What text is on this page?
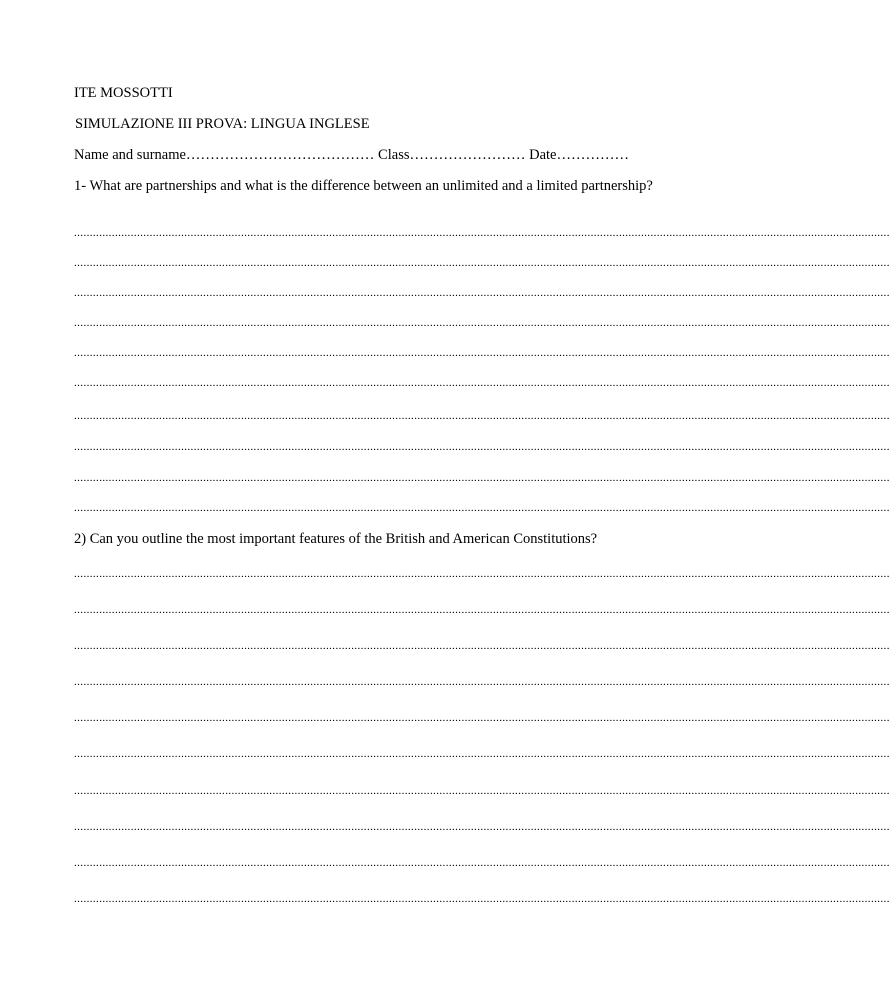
ITE MOSSOTTI
SIMULAZIONE III PROVA: LINGUA INGLESE
Name and surname………………………………… Class…………………… Date……………
1- What are partnerships and what is the difference between an unlimited and a limited partnership?
...................................................................................................................................................................................................................................................................
...................................................................................................................................................................................................................................................................
...................................................................................................................................................................................................................................................................
...................................................................................................................................................................................................................................................................
...................................................................................................................................................................................................................................................................
...................................................................................................................................................................................................................................................................
...................................................................................................................................................................................................................................................................
...................................................................................................................................................................................................................................................................
...................................................................................................................................................................................................................................................................
...................................................................................................................................................................................................................................................................
2) Can you outline the most important features of the British and American Constitutions?
...................................................................................................................................................................................................................................................................
...................................................................................................................................................................................................................................................................
...................................................................................................................................................................................................................................................................
...................................................................................................................................................................................................................................................................
...................................................................................................................................................................................................................................................................
...................................................................................................................................................................................................................................................................
...................................................................................................................................................................................................................................................................
...................................................................................................................................................................................................................................................................
...................................................................................................................................................................................................................................................................
...................................................................................................................................................................................................................................................................
